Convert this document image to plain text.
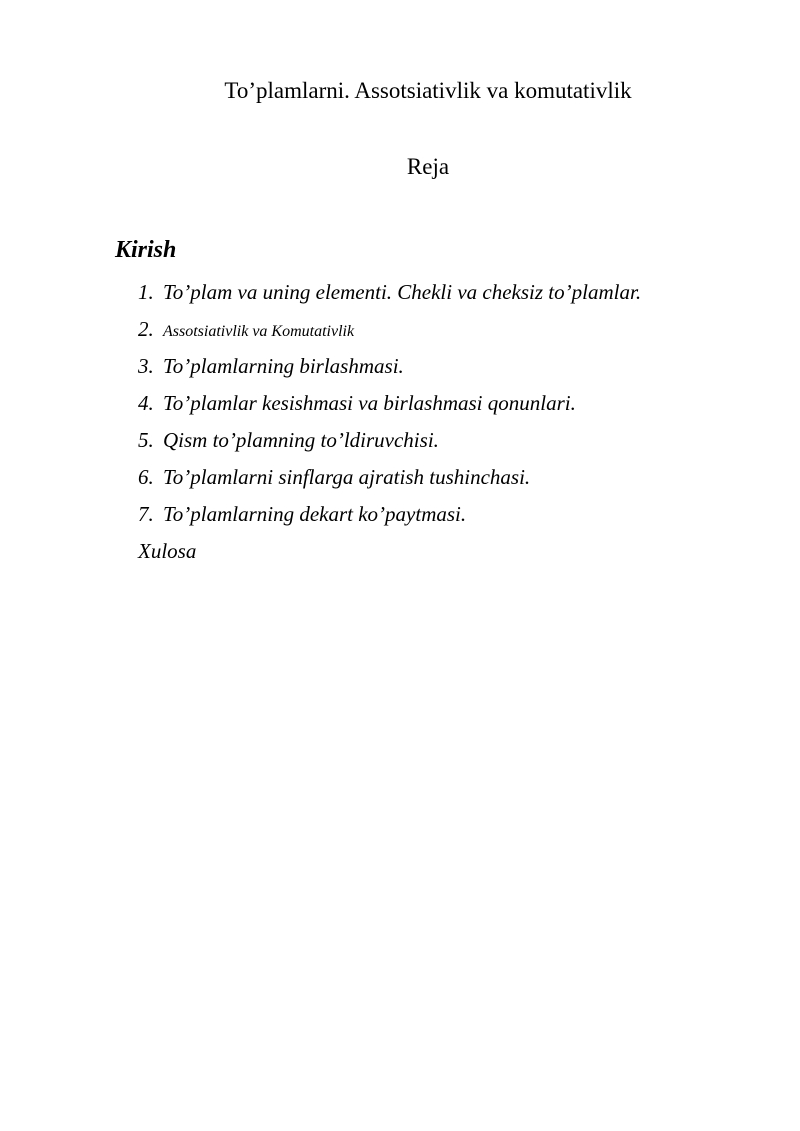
To’plamlarni. Assotsiativlik va komutativlik
Reja
Kirish
1. To’plam va uning elementi. Chekli va cheksiz to’plamlar.
2. Assotsiativlik va Komutativlik
3. To’plamlarning birlashmasi.
4. To’plamlar kesishmasi va birlashmasi qonunlari.
5. Qism to’plamning to’ldiruvchisi.
6. To’plamlarni sinflarga ajratish tushinchasi.
7. To’plamlarning dekart ko’paytmasi.
Xulosa
